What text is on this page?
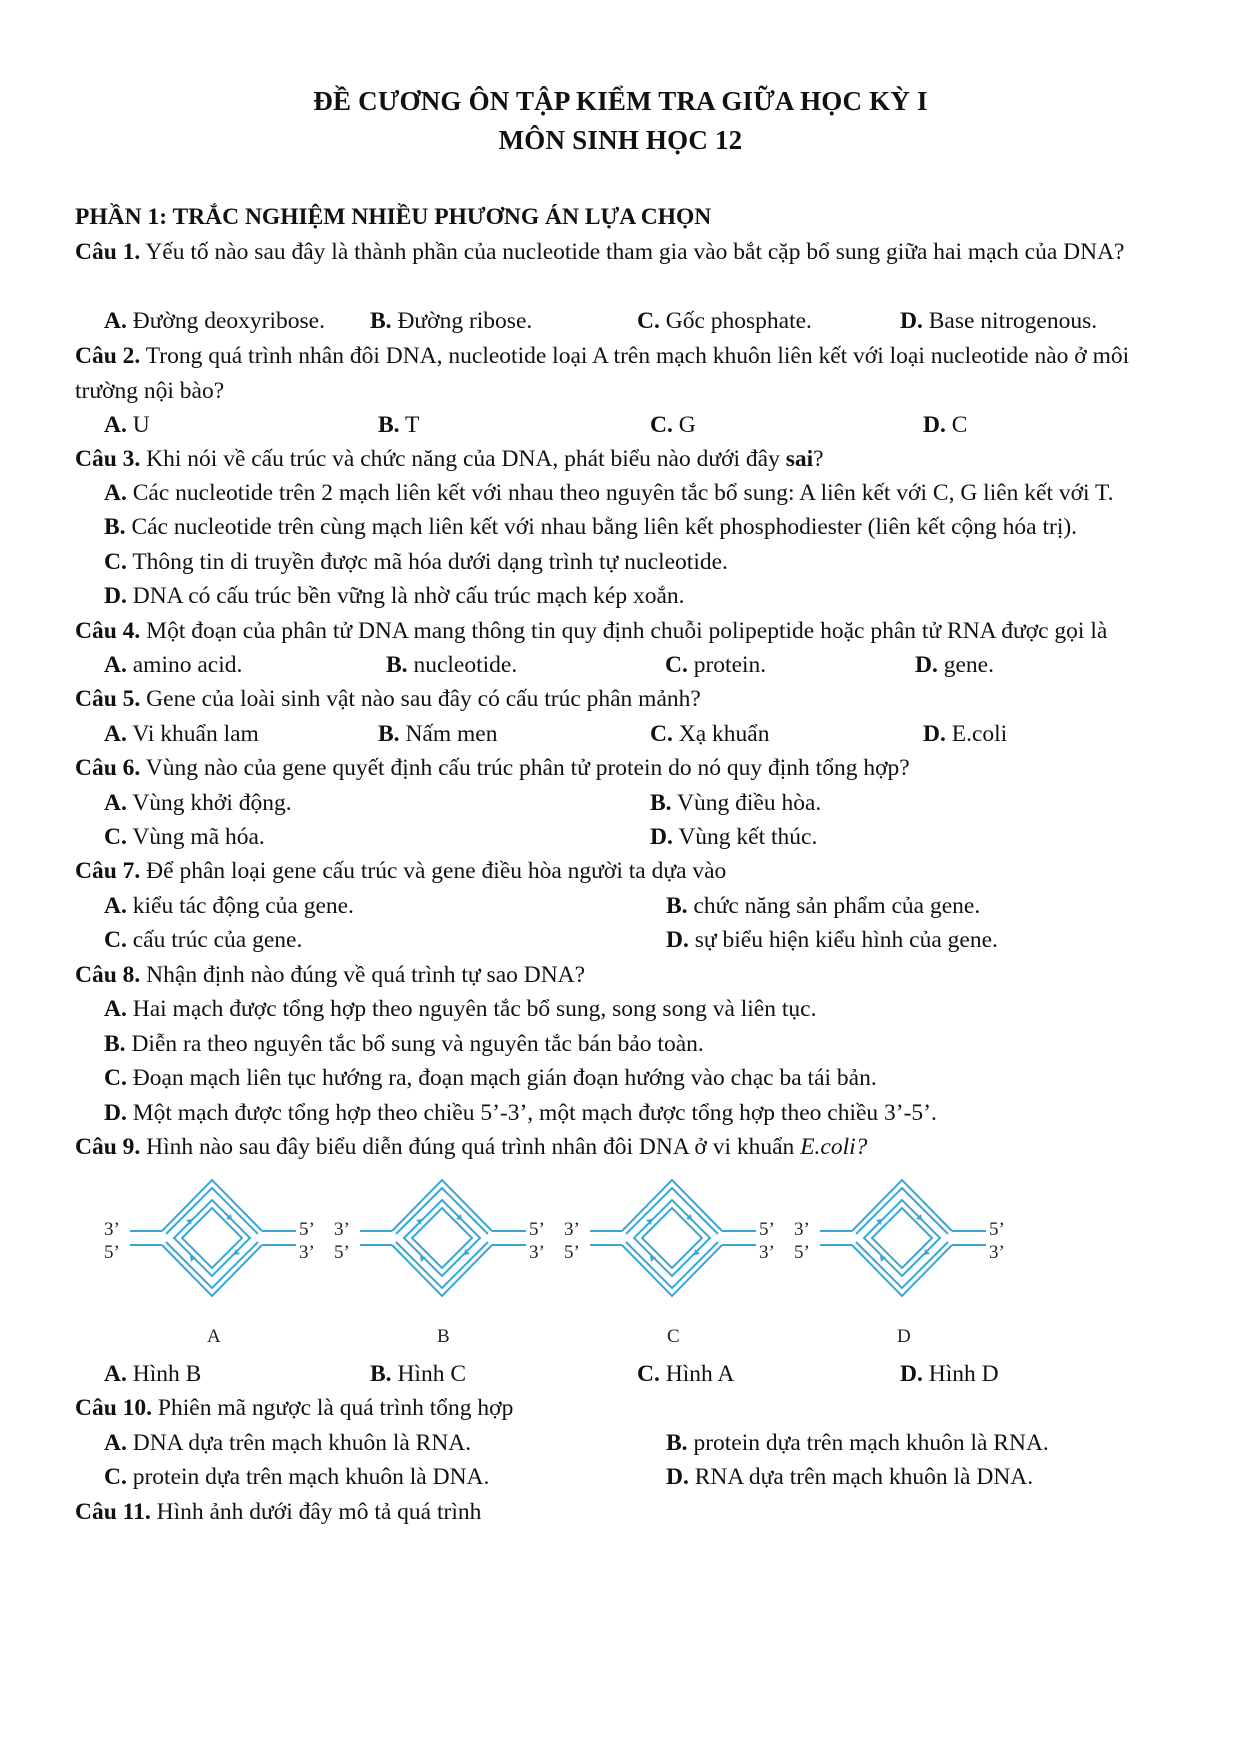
ĐỀ CƯƠNG ÔN TẬP KIỂM TRA GIỮA HỌC KỲ I
MÔN SINH HỌC 12
PHẦN 1: TRẮC NGHIỆM NHIỀU PHƯƠNG ÁN LỰA CHỌN
Câu 1. Yếu tố nào sau đây là thành phần của nucleotide tham gia vào bắt cặp bổ sung giữa hai mạch của DNA?
A. Đường deoxyribose. B. Đường ribose.	C. Gốc phosphate.	D. Base nitrogenous.
Câu 2. Trong quá trình nhân đôi DNA, nucleotide loại A trên mạch khuôn liên kết với loại nucleotide nào ở môi trường nội bào?
A. U	B. T	C. G	D. C
Câu 3. Khi nói về cấu trúc và chức năng của DNA, phát biểu nào dưới đây sai?
A. Các nucleotide trên 2 mạch liên kết với nhau theo nguyên tắc bổ sung: A liên kết với C, G liên kết với T.
B. Các nucleotide trên cùng mạch liên kết với nhau bằng liên kết phosphodiester (liên kết cộng hóa trị).
C. Thông tin di truyền được mã hóa dưới dạng trình tự nucleotide.
D. DNA có cấu trúc bền vững là nhờ cấu trúc mạch kép xoắn.
Câu 4. Một đoạn của phân tử DNA mang thông tin quy định chuỗi polipeptide hoặc phân tử RNA được gọi là
A. amino acid.	B. nucleotide.	C. protein.	D. gene.
Câu 5. Gene của loài sinh vật nào sau đây có cấu trúc phân mảnh?
A. Vi khuẩn lam	B. Nấm men	C. Xạ khuẩn	D. E.coli
Câu 6. Vùng nào của gene quyết định cấu trúc phân tử protein do nó quy định tổng hợp?
A. Vùng khởi động.	B. Vùng điều hòa.
C. Vùng mã hóa.	D. Vùng kết thúc.
Câu 7. Để phân loại gene cấu trúc và gene điều hòa người ta dựa vào
A. kiểu tác động của gene.	B. chức năng sản phẩm của gene.
C. cấu trúc của gene.	D. sự biểu hiện kiểu hình của gene.
Câu 8. Nhận định nào đúng về quá trình tự sao DNA?
A. Hai mạch được tổng hợp theo nguyên tắc bổ sung, song song và liên tục.
B. Diễn ra theo nguyên tắc bổ sung và nguyên tắc bán bảo toàn.
C. Đoạn mạch liên tục hướng ra, đoạn mạch gián đoạn hướng vào chạc ba tái bản.
D. Một mạch được tổng hợp theo chiều 5’-3’, một mạch được tổng hợp theo chiều 3’-5’.
Câu 9. Hình nào sau đây biểu diễn đúng quá trình nhân đôi DNA ở vi khuẩn E.coli?
3’
5’
5’
3’
A
3’
5’
5’
3’
B
3’
5’
5’
3’
C
3’
5’
5’
3’
D
A. Hình B	B. Hình C	C. Hình A	D. Hình D
Câu 10. Phiên mã ngược là quá trình tổng hợp
A. DNA dựa trên mạch khuôn là RNA.	B. protein dựa trên mạch khuôn là RNA.
C. protein dựa trên mạch khuôn là DNA.	D. RNA dựa trên mạch khuôn là DNA.
Câu 11. Hình ảnh dưới đây mô tả quá trình
